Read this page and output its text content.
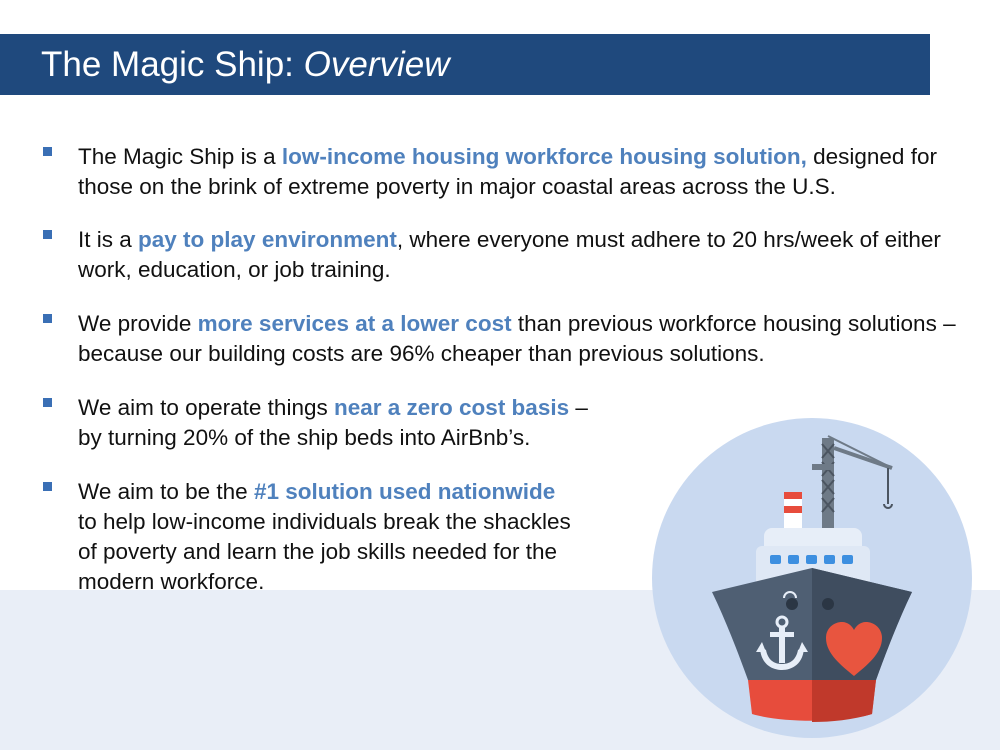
The Magic Ship: Overview
The Magic Ship is a low-income housing workforce housing solution, designed for those on the brink of extreme poverty in major coastal areas across the U.S.
It is a pay to play environment, where everyone must adhere to 20 hrs/week of either work, education, or job training.
We provide more services at a lower cost than previous workforce housing solutions – because our building costs are 96% cheaper than previous solutions.
We aim to operate things near a zero cost basis –
by turning 20% of the ship beds into AirBnb’s.
We aim to be the #1 solution used nationwide
to help low-income individuals break the shackles
of poverty and learn the job skills needed for the
modern workforce.
